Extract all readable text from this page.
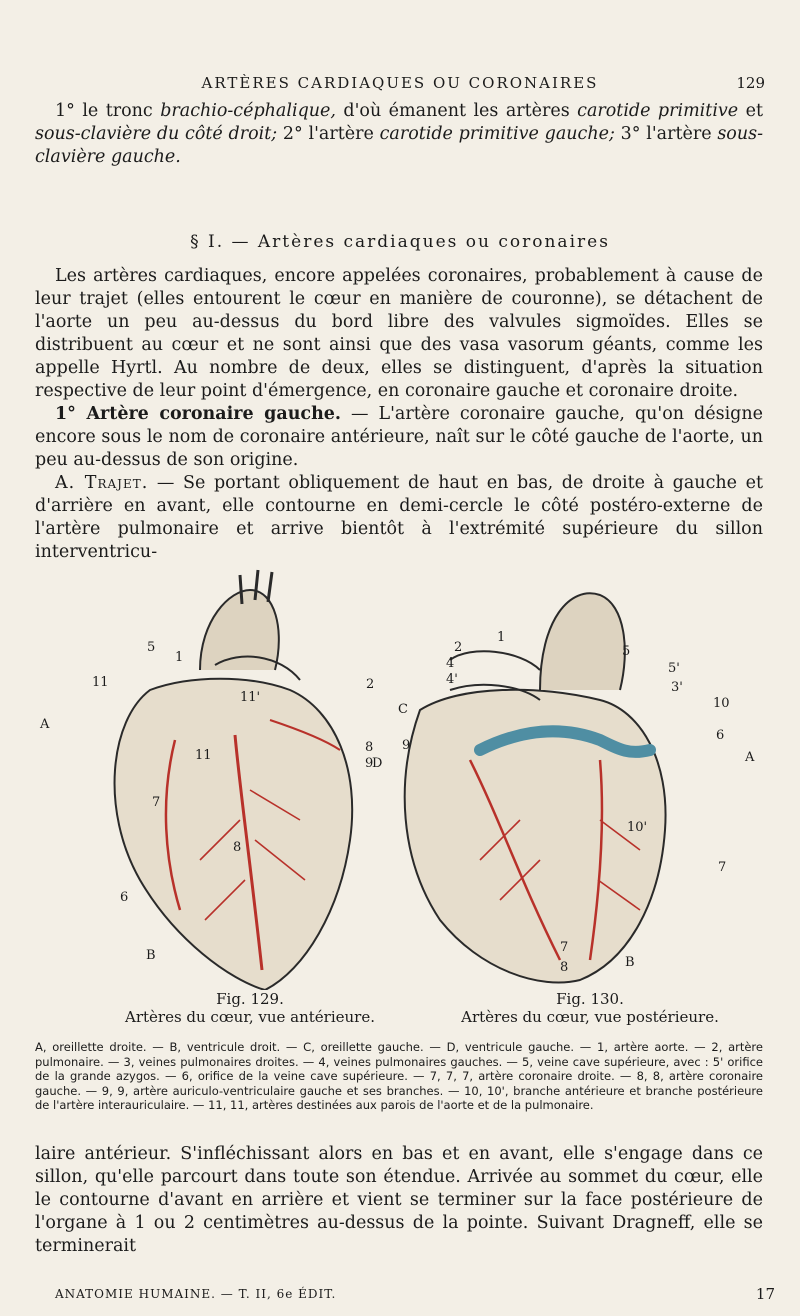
ARTÈRES CARDIAQUES OU CORONAIRES	129

1° le tronc brachio-céphalique, d'où émanent les artères carotide primitive et sous-clavière du côté droit; 2° l'artère carotide primitive gauche; 3° l'artère sous-clavière gauche.

§ I. — Artères cardiaques ou coronaires

Les artères cardiaques, encore appelées coronaires, probablement à cause de leur trajet (elles entourent le cœur en manière de couronne), se détachent de l'aorte un peu au-dessus du bord libre des valvules sigmoïdes. Elles se distribuent au cœur et ne sont ainsi que des vasa vasorum géants, comme les appelle Hyrtl. Au nombre de deux, elles se distinguent, d'après la situation respective de leur point d'émergence, en coronaire gauche et coronaire droite.

1° Artère coronaire gauche. — L'artère coronaire gauche, qu'on désigne encore sous le nom de coronaire antérieure, naît sur le côté gauche de l'aorte, un peu au-dessus de son origine.

A. Trajet. — Se portant obliquement de haut en bas, de droite à gauche et d'arrière en avant, elle contourne en demi-cercle le côté postéro-externe de l'artère pulmonaire et arrive bientôt à l'extrémité supérieure du sillon interventricu-

5
1
11	2
11'
8
9
11
7
A
B
6
8
1
5
5'
2
4
4'
3'
10
C
9
6
A
D
10'
7
7
8	B
Fig. 129.
Artères du cœur, vue antérieure.
Fig. 130.
Artères du cœur, vue postérieure.
A, oreillette droite. — B, ventricule droit. — C, oreillette gauche. — D, ventricule gauche. — 1, artère aorte. — 2, artère pulmonaire. — 3, veines pulmonaires droites. — 4, veines pulmonaires gauches. — 5, veine cave supérieure, avec : 5' orifice de la grande azygos. — 6, orifice de la veine cave supérieure. — 7, 7, 7, artère coronaire droite. — 8, 8, artère coronaire gauche. — 9, 9, artère auriculo-ventriculaire gauche et ses branches. — 10, 10', branche antérieure et branche postérieure de l'artère interauriculaire. — 11, 11, artères destinées aux parois de l'aorte et de la pulmonaire.

laire antérieur. S'infléchissant alors en bas et en avant, elle s'engage dans ce sillon, qu'elle parcourt dans toute son étendue. Arrivée au sommet du cœur, elle le contourne d'avant en arrière et vient se terminer sur la face postérieure de l'organe à 1 ou 2 centimètres au-dessus de la pointe. Suivant Dragneff, elle se terminerait

ANATOMIE HUMAINE. — T. II, 6e ÉDIT.	17
